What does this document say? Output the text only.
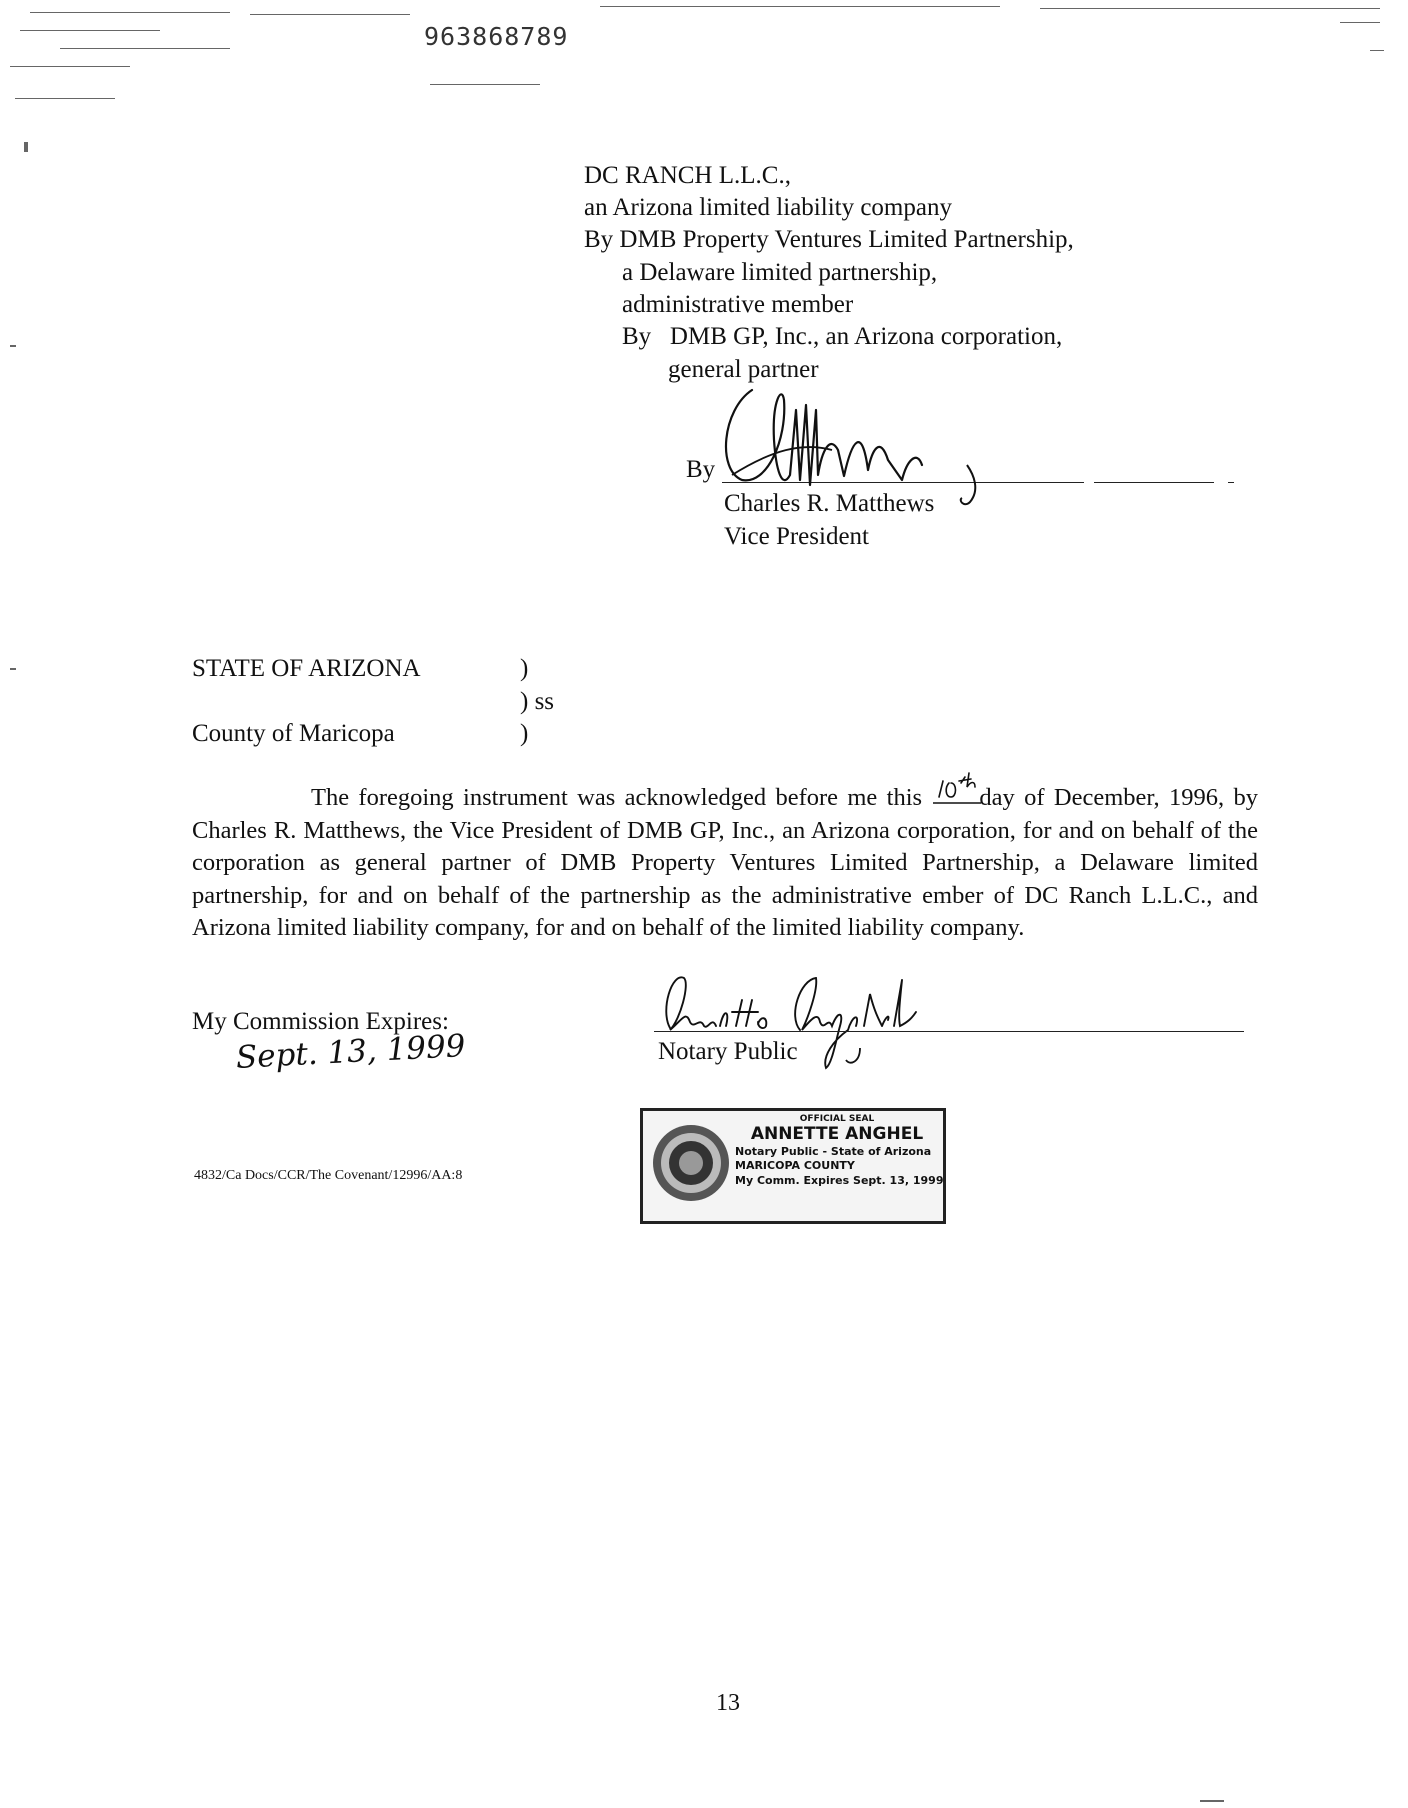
963868789
DC RANCH L.L.C.,
an Arizona limited liability company
By DMB Property Ventures Limited Partnership,
a Delaware limited partnership,
administrative member
By   DMB GP, Inc., an Arizona corporation,
general partner
By
Charles R. Matthews
Vice President
STATE OF ARIZONA	)
) ss
County of Maricopa	)
The foregoing instrument was acknowledged before me this day of December, 1996, by Charles R. Matthews, the Vice President of DMB GP, Inc., an Arizona corporation, for and on behalf of the corporation as general partner of DMB Property Ventures Limited Partnership, a Delaware limited partnership, for and on behalf of the partnership as the administrative ember of DC Ranch L.L.C., and Arizona limited liability company, for and on behalf of the limited liability company.
My Commission Expires:
Sept. 13, 1999	Notary Public
OFFICIAL SEAL
ANNETTE ANGHEL
Notary Public - State of Arizona
MARICOPA COUNTY
My Comm. Expires Sept. 13, 1999
4832/Ca Docs/CCR/The Covenant/12996/AA:8
13
